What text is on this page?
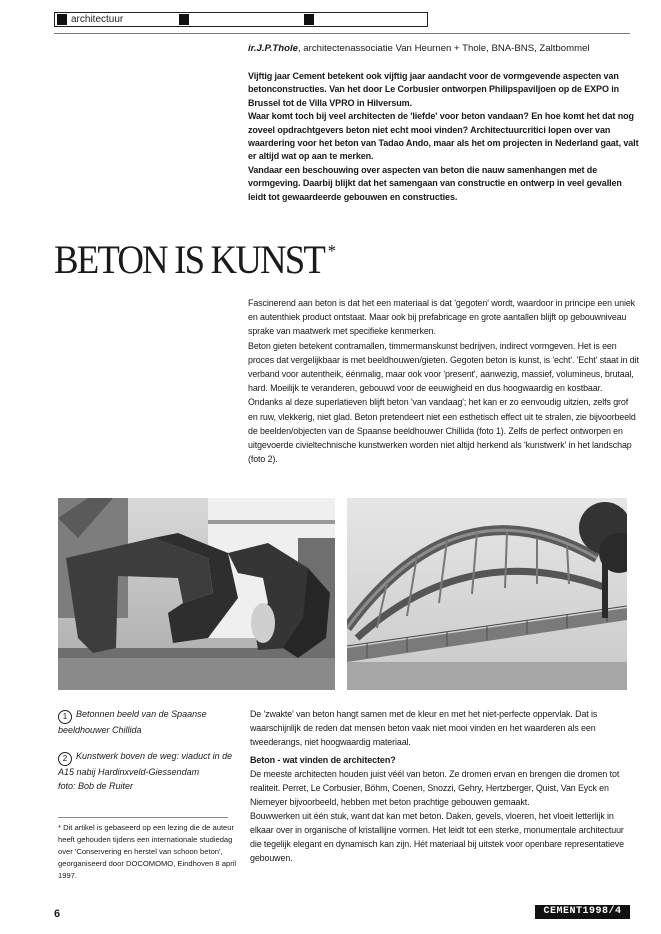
architectuur
ir.J.P.Thole, architectenassociatie Van Heurnen + Thole, BNA-BNS, Zaltbommel

Vijftig jaar Cement betekent ook vijftig jaar aandacht voor de vormgevende aspecten van betonconstructies. Van het door Le Corbusier ontworpen Philipspaviljoen op de EXPO in Brussel tot de Villa VPRO in Hilversum.

Waar komt toch bij veel architecten de 'liefde' voor beton vandaan? En hoe komt het dat nog zoveel opdrachtgevers beton niet echt mooi vinden? Architectuurcritici lopen over van waardering voor het beton van Tadao Ando, maar als het om projecten in Nederland gaat, valt er altijd wat op aan te merken.

Vandaar een beschouwing over aspecten van beton die nauw samenhangen met de vormgeving. Daarbij blijkt dat het samengaan van constructie en ontwerp in veel gevallen leidt tot gewaardeerde gebouwen en constructies.

BETON IS KUNST *

Fascinerend aan beton is dat het een materiaal is dat 'gegoten' wordt, waardoor in principe een uniek en autenthiek product ontstaat. Maar ook bij prefabricage en grote aantallen blijft op gebouwniveau sprake van maatwerk met specifieke kenmerken.

Beton gieten betekent contramallen, timmermanskunst bedrijven, indirect vormgeven. Het is een proces dat vergelijkbaar is met beeldhouwen/gieten. Gegoten beton is kunst, is 'echt'. 'Echt' staat in dit verband voor autentheik, éénmalig, maar ook voor 'present', aanwezig, massief, volumineus, brutaal, hard. Moeilijk te veranderen, gebouwd voor de eeuwigheid en dus hoogwaardig en kostbaar.

Ondanks al deze superlatieven blijft beton 'van vandaag'; het kan er zo eenvoudig uitzien, zelfs grof en ruw, vlekkerig, niet glad. Beton pretendeert niet een esthetisch effect uit te stralen, zie bijvoorbeeld de beelden/objecten van de Spaanse beeldhouwer Chillida (foto 1). Zelfs de perfect ontworpen en uitgevoerde civieltechnische kunstwerken worden niet altijd herkend als 'kunstwerk' in het landschap (foto 2).

1 Betonnen beeld van de Spaanse beeldhouwer Chillida
2 Kunstwerk boven de weg: viaduct in de A15 nabij Hardinxveld-Giessendam
foto: Bob de Ruiter
* Dit artikel is gebaseerd op een lezing die de auteur heeft gehouden tijdens een internationale studiedag over 'Conservering en herstel van schoon beton', georganiseerd door DOCOMOMO, Eindhoven 8 april 1997.

De 'zwakte' van beton hangt samen met de kleur en met het niet-perfecte oppervlak. Dat is waarschijnlijk de reden dat mensen beton vaak niet mooi vinden en het waarderen als een tweederangs, niet hoogwaardig materiaal.

Beton - wat vinden de architecten?

De meeste architecten houden juist véél van beton. Ze dromen ervan en brengen die dromen tot realiteit. Perret, Le Corbusier, Böhm, Coenen, Snozzi, Gehry, Hertzberger, Quist, Van Eyck en Niemeyer bijvoorbeeld, hebben met beton prachtige gebouwen gemaakt.

Bouwwerken uit één stuk, want dat kan met beton. Daken, gevels, vloeren, het vloeit letterlijk in elkaar over in organische of kristallijne vormen. Het leidt tot een sterke, monumentale architectuur die tegelijk elegant en dynamisch kan zijn. Hét materiaal bij uitstek voor openbare representatieve gebouwen.

6	CEMENT1998/4
